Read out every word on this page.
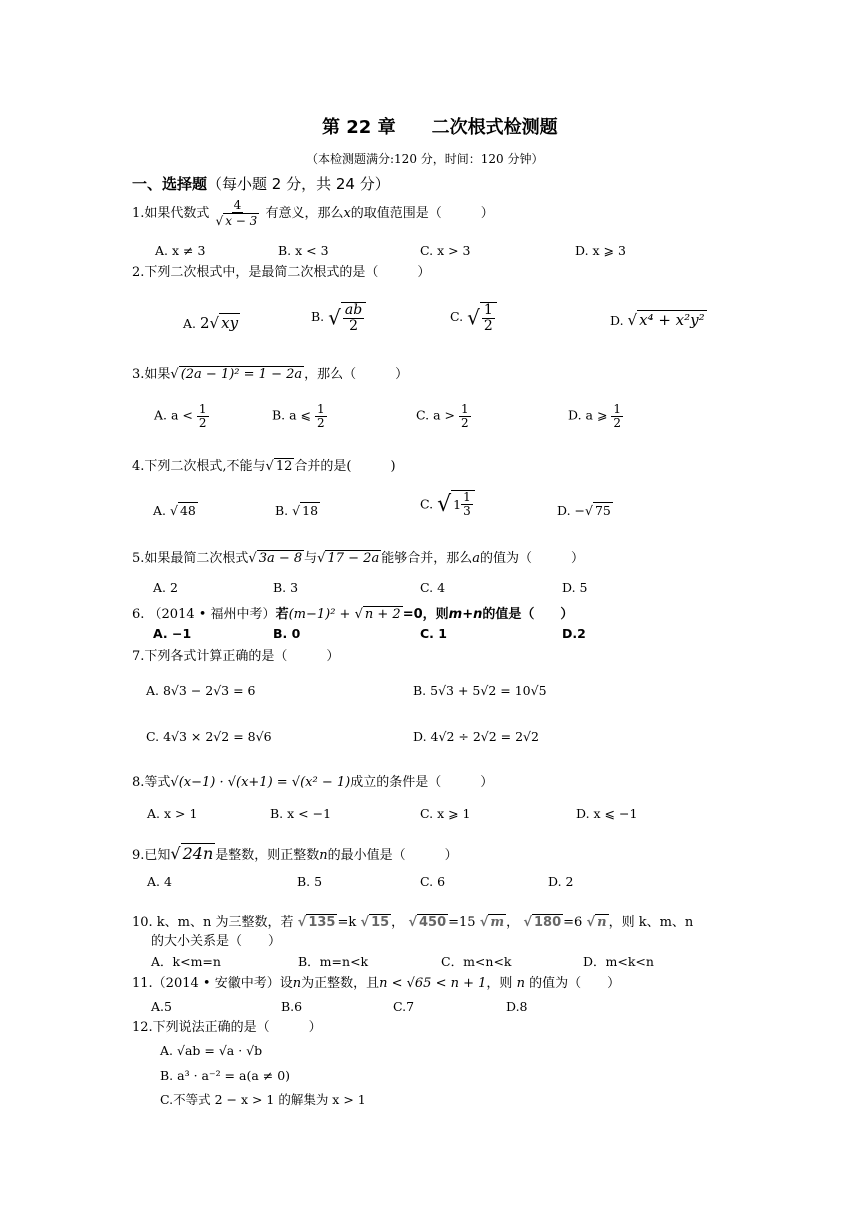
第 22 章　　二次根式检测题
（本检测题满分:120 分，时间：120 分钟）
一、选择题（每小题 2 分，共 24 分）
1.如果代数式 $\frac{4}{√ x - 3}$ 有意义，那么x的取值范围是（　　　）
A. x ≠ 3	B. x < 3	C. x > 3	D. x ⩾ 3
2.下列二次根式中，是最简二次根式的是（　　　）
A. 2√ xy	B. √ $\frac{ab}{2}$	C. √ $\frac{1}{2}$	D. √ x⁴ + x²y²
3.如果√ (2a − 1)² = 1 − 2a ，那么（　　　）
A. $a < \frac{1}{2}$	B. a ⩽ $\frac{1}{2}$	C. $a > \frac{1}{2}$	D. a ⩾ $\frac{1}{2}$
4.下列二次根式,不能与√ 12 合并的是(　　　)
A. √ 48	B. √ 18	C. √ $1 \frac{1}{3}$	D. −√ 75
5.如果最简二次根式√ 3a − 8 与√ 17 − 2a 能够合并，那么a的值为（　　　）
A. 2	B. 3	C. 4	D. 5
6. （2014 • 福州中考）若(m−1)² + √ n + 2 =0，则m+n的值是（　　）
A. −1	B. 0	C. 1	D.2
7.下列各式计算正确的是（　　　）
A. 8√3 − 2√3 = 6	B. 5√3 + 5√2 = 10√5
C. 4√3 × 2√2 = 8√6	D. 4√2 ÷ 2√2 = 2√2
8.等式√(x−1) · √(x+1) = √(x² − 1)成立的条件是（　　　）
A. x > 1	B. x < −1	C. x ⩾ 1	D. x ⩽ −1
9.已知√ 24n 是整数，则正整数n的最小值是（　　　）
A. 4	B. 5	C. 6	D. 2
10. k、m、n 为三整数，若 √ 135 =k √ 15 ， √ 450 =15 √ m ， √ 180 =6 √ n ，则 k、m、n
的大小关系是（　　）
A．k<m=n	B．m=n<k	C．m<n<k	D．m<k<n
11.（2014 • 安徽中考）设n为正整数，且n < √65 < n + 1，则 n 的值为（　　）
A.5	B.6	C.7	D.8
12.下列说法正确的是（　　　）
A. √ab = √a · √b
B. a³ · a⁻² = a(a ≠ 0)
C.不等式 2 − x > 1 的解集为 x > 1
